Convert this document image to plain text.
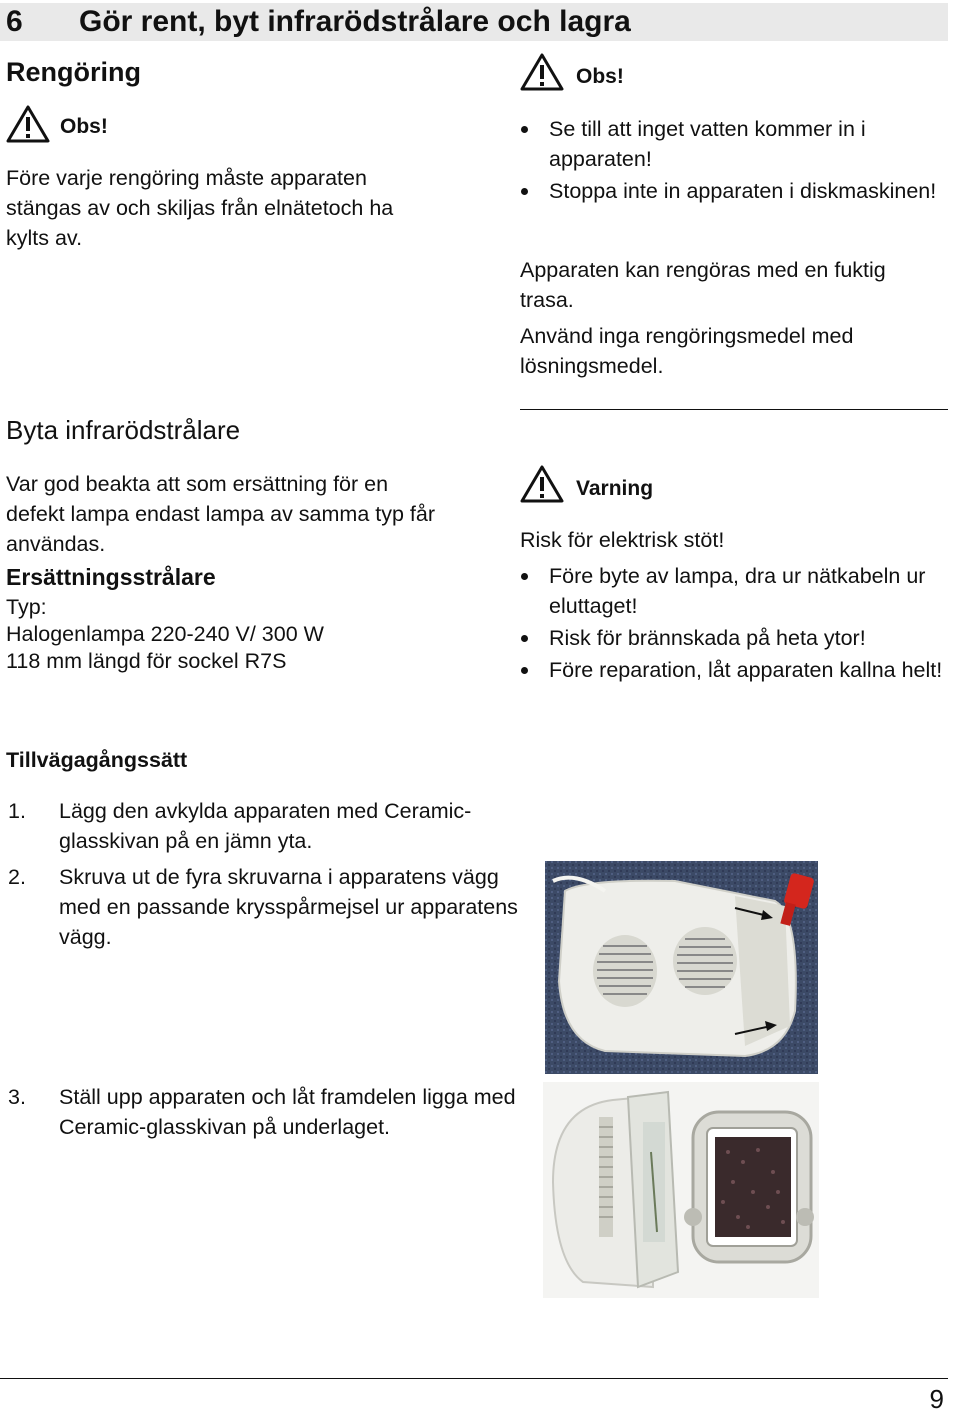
6 Gör rent, byt infrarödstrålare och lagra
Rengöring
Obs!
Före varje rengöring måste apparaten stängas av och skiljas från elnätetoch ha kylts av.
Obs!
Se till att inget vatten kommer in i apparaten!
Stoppa inte in apparaten i diskmaskinen!
Apparaten kan rengöras med en fuktig trasa.
Använd inga rengöringsmedel med lösningsmedel.
Byta infrarödstrålare
Var god beakta att som ersättning för en defekt lampa endast lampa av samma typ får användas.
Ersättningsstrålare
Typ:
Halogenlampa 220-240 V/ 300 W
118 mm längd för sockel R7S
Varning
Risk för elektrisk stöt!
Före byte av lampa, dra ur nätkabeln ur eluttaget!
Risk för brännskada på heta ytor!
Före reparation, låt apparaten kallna helt!
Tillvägagångssätt
1. Lägg den avkylda apparaten med Ceramic-glasskivan på en jämn yta.
2. Skruva ut de fyra skruvarna i apparatens vägg med en passande krysspårmejsel ur apparatens vägg.
3. Ställ upp apparaten och låt framdelen ligga med Ceramic-glasskivan på underlaget.
9
